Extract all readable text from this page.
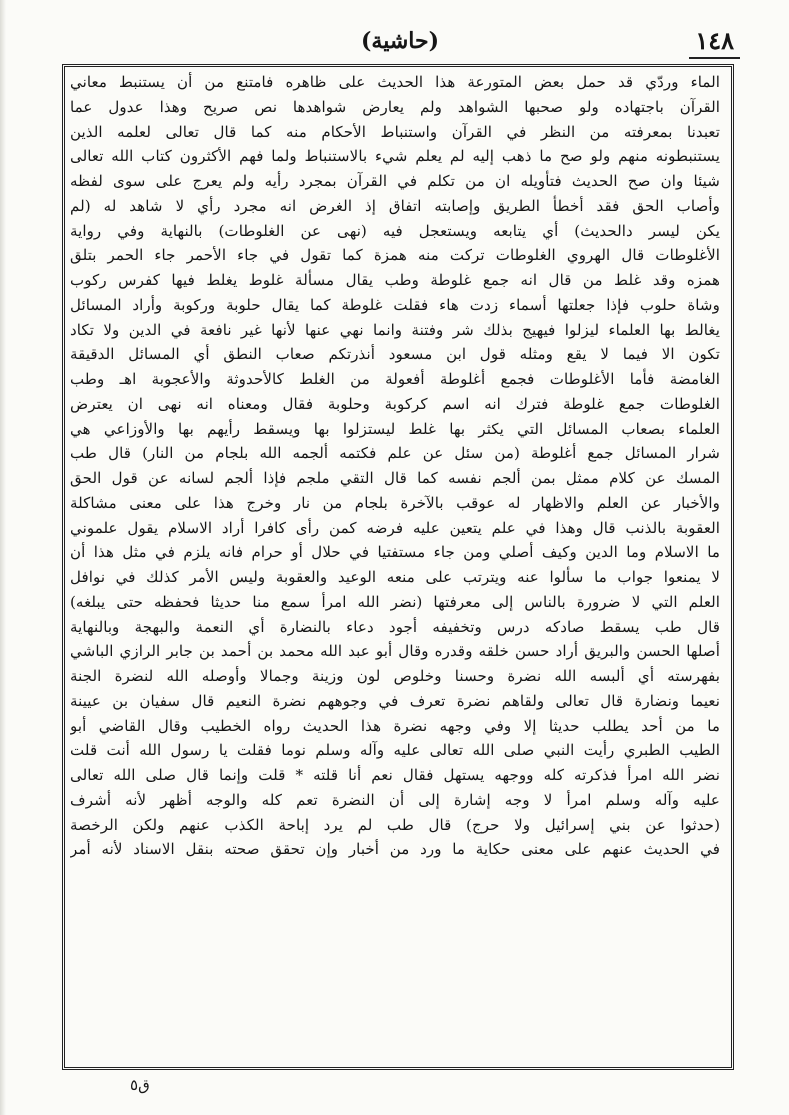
١٤٨
(حاشية)
الماء وردّي قد حمل بعض المتورعة هذا الحديث على ظاهره فامتنع من أن يستنبط معاني
القرآن باجتهاده ولو صحبها الشواهد ولم يعارض شواهدها نص صريح وهذا عدول عما
تعبدنا بمعرفته من النظر في القرآن واستنباط الأحكام منه كما قال تعالى لعلمه الذين
يستنبطونه منهم ولو صح ما ذهب إليه لم يعلم شيء بالاستنباط ولما فهم الأكثرون كتاب الله تعالى
شيئا وان صح الحديث فتأويله ان من تكلم في القرآن بمجرد رأيه ولم يعرج على سوى لفظه
وأصاب الحق فقد أخطأ الطريق وإصابته اتفاق إذ الغرض انه مجرد رأي لا شاهد له (لم
يكن ليسر دالحديث) أي يتابعه ويستعجل فيه (نهى عن الغلوطات) بالنهاية وفي رواية
الأغلوطات قال الهروي الغلوطات تركت منه همزة كما تقول في جاء الأحمر جاء الحمر بتلق
همزه وقد غلط من قال انه جمع غلوطة وطب يقال مسألة غلوط يغلط فيها كفرس ركوب
وشاة حلوب فإذا جعلتها أسماء زدت هاء فقلت غلوطة كما يقال حلوبة وركوبة وأراد المسائل
يغالط بها العلماء ليزلوا فيهيج بذلك شر وفتنة وانما نهي عنها لأنها غير نافعة في الدين ولا تكاد
تكون الا فيما لا يقع ومثله قول ابن مسعود أنذرتكم صعاب النطق أي المسائل الدقيقة
الغامضة فأما الأغلوطات فجمع أغلوطة أفعولة من الغلط كالأحدوثة والأعجوبة اهـ وطب
الغلوطات جمع غلوطة فترك انه اسم كركوبة وحلوبة فقال ومعناه انه نهى ان يعترض
العلماء بصعاب المسائل التي يكثر بها غلط ليستزلوا بها ويسقط رأيهم بها والأوزاعي هي
شرار المسائل جمع أغلوطة (من سئل عن علم فكتمه ألجمه الله بلجام من النار) قال طب
المسك عن كلام ممثل بمن ألجم نفسه كما قال التقي ملجم فإذا ألجم لسانه عن قول الحق
والأخبار عن العلم والاظهار له عوقب بالآخرة بلجام من نار وخرج هذا على معنى مشاكلة
العقوبة بالذنب قال وهذا في علم يتعين عليه فرضه كمن رأى كافرا أراد الاسلام يقول علموني
ما الاسلام وما الدين وكيف أصلي ومن جاء مستفتيا في حلال أو حرام فانه يلزم في مثل هذا أن
لا يمنعوا جواب ما سألوا عنه ويترتب على منعه الوعيد والعقوبة وليس الأمر كذلك في نوافل
العلم التي لا ضرورة بالناس إلى معرفتها (نضر الله امرأ سمع منا حديثا فحفظه حتى يبلغه)
قال طب يسقط صادكه درس وتخفيفه أجود دعاء بالنضارة أي النعمة والبهجة وبالنهاية
أصلها الحسن والبريق أراد حسن خلقه وقدره وقال أبو عبد الله محمد بن أحمد بن جابر الرازي الباشي
بفهرسته أي ألبسه الله نضرة وحسنا وخلوص لون وزينة وجمالا وأوصله الله لنضرة الجنة
نعيما ونضارة قال تعالى ولقاهم نضرة تعرف في وجوههم نضرة النعيم قال سفيان بن عيينة
ما من أحد يطلب حديثا إلا وفي وجهه نضرة هذا الحديث رواه الخطيب وقال القاضي أبو
الطيب الطبري رأيت النبي صلى الله تعالى عليه وآله وسلم نوما فقلت يا رسول الله أنت قلت
نضر الله امرأ فذكرته كله ووجهه يستهل فقال نعم أنا قلته * قلت وإنما قال صلى الله تعالى
عليه وآله وسلم امرأ لا وجه إشارة إلى أن النضرة تعم كله والوجه أظهر لأنه أشرف
(حدثوا عن بني إسرائيل ولا حرج) قال طب لم يرد إباحة الكذب عنهم ولكن الرخصة
في الحديث عنهم على معنى حكاية ما ورد من أخبار وإن تحقق صحته بنقل الاسناد لأنه أمر
ق٥
